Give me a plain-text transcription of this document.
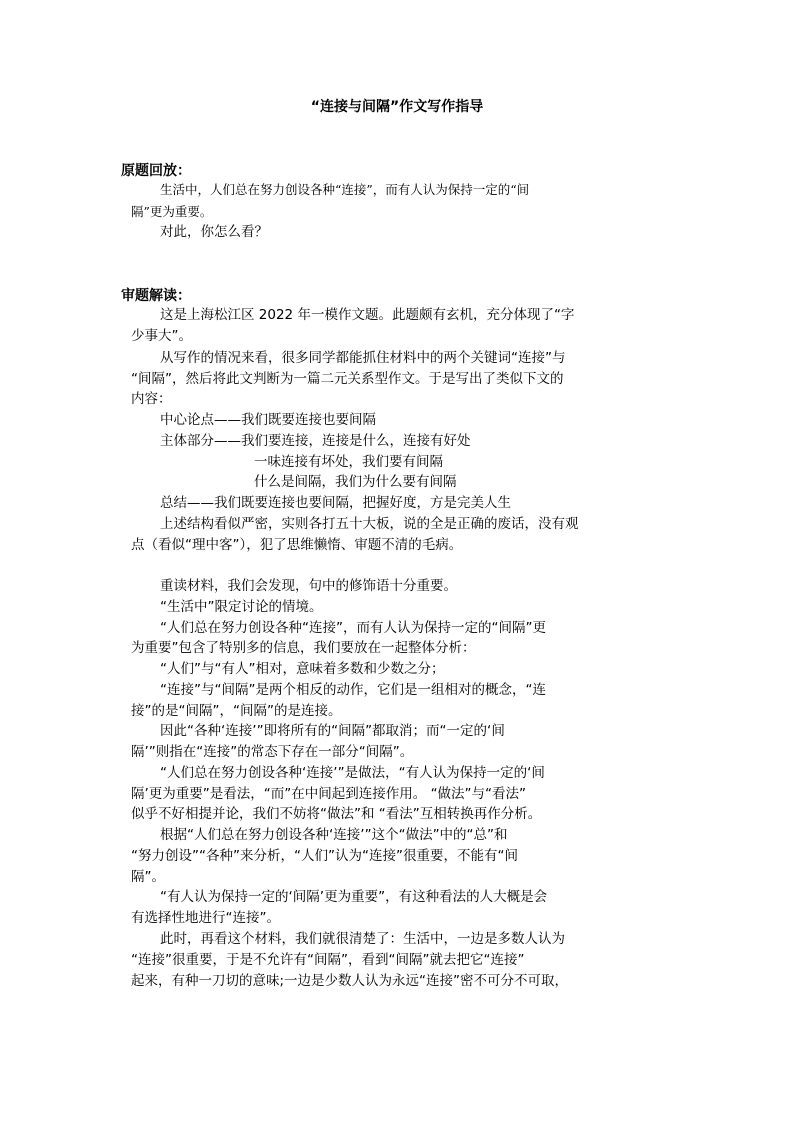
“连接与间隔”作文写作指导
原题回放：
生活中，人们总在努力创设各种“连接”，而有人认为保持一定的“间
隔”更为重要。
对此，你怎么看？
审题解读：
这是上海松江区 2022 年一模作文题。此题颇有玄机，充分体现了“字
少事大”。
从写作的情况来看，很多同学都能抓住材料中的两个关键词“连接”与
“间隔”，然后将此文判断为一篇二元关系型作文。于是写出了类似下文的
内容：
中心论点——我们既要连接也要间隔
主体部分——我们要连接，连接是什么，连接有好处
一味连接有坏处，我们要有间隔
什么是间隔，我们为什么要有间隔
总结——我们既要连接也要间隔，把握好度，方是完美人生
上述结构看似严密，实则各打五十大板，说的全是正确的废话，没有观
点（看似“理中客”），犯了思维懒惰、审题不清的毛病。
重读材料，我们会发现，句中的修饰语十分重要。
“生活中”限定讨论的情境。
“人们总在努力创设各种“连接”，而有人认为保持一定的“间隔”更
为重要”包含了特别多的信息，我们要放在一起整体分析：
“人们”与“有人”相对，意味着多数和少数之分；
“连接”与“间隔”是两个相反的动作，它们是一组相对的概念，“连
接”的是“间隔”，“间隔”的是连接。
因此“各种‘连接’”即将所有的“间隔”都取消；而“一定的‘间
隔’”则指在“连接”的常态下存在一部分“间隔”。
“人们总在努力创设各种‘连接’”是做法，“有人认为保持一定的‘间
隔’更为重要”是看法，“而”在中间起到连接作用。 “做法”与“看法”
似乎不好相提并论，我们不妨将“做法”和 “看法”互相转换再作分析。
根据“人们总在努力创设各种‘连接’”这个“做法”中的“总”和
“努力创设”“各种”来分析，“人们”认为“连接”很重要，不能有“间
隔”。
“有人认为保持一定的‘间隔’更为重要”，有这种看法的人大概是会
有选择性地进行“连接”。
此时，再看这个材料，我们就很清楚了：生活中，一边是多数人认为
“连接”很重要，于是不允许有“间隔”，看到“间隔”就去把它“连接”
起来，有种一刀切的意味;一边是少数人认为永远“连接”密不可分不可取，
